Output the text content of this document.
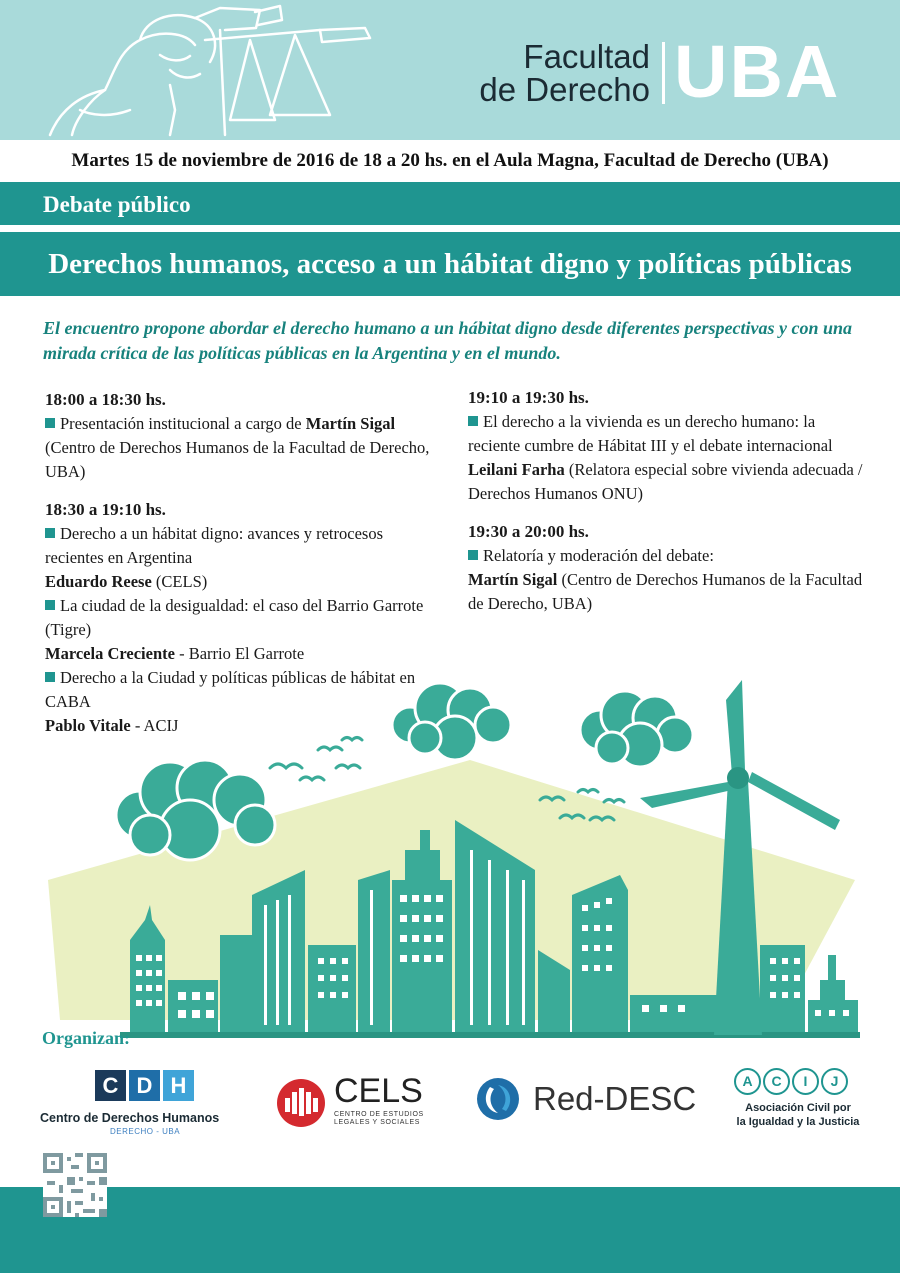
Facultad
de Derecho UBA
Martes 15 de noviembre de 2016 de 18 a 20 hs. en el Aula Magna, Facultad de Derecho (UBA)
Debate público
Derechos humanos, acceso a un hábitat digno y políticas públicas
El encuentro propone abordar el derecho humano a un hábitat digno desde diferentes perspectivas y con una mirada crítica de las políticas públicas en la Argentina y en el mundo.
18:00 a 18:30 hs.
Presentación institucional a cargo de Martín Sigal (Centro de Derechos Humanos de la Facultad de Derecho, UBA)
18:30 a 19:10 hs.
Derecho a un hábitat digno: avances y retrocesos recientes en Argentina
Eduardo Reese (CELS)
La ciudad de la desigualdad: el caso del Barrio Garrote (Tigre)
Marcela Creciente - Barrio El Garrote
Derecho a la Ciudad y políticas públicas de hábitat en CABA
Pablo Vitale - ACIJ
19:10 a 19:30 hs.
El derecho a la vivienda es un derecho humano: la reciente cumbre de Hábitat III y el debate internacional
Leilani Farha (Relatora especial sobre vivienda adecuada / Derechos Humanos ONU)
19:30 a 20:00 hs.
Relatoría y moderación del debate:
Martín Sigal (Centro de Derechos Humanos de la Facultad de Derecho, UBA)
Organizan:
C D H
Centro de Derechos Humanos
DERECHO - UBA
CELS
CENTRO DE ESTUDIOS LEGALES Y SOCIALES
Red-DESC	A	C	I	J
Asociación Civil por
la Igualdad y la Justicia
